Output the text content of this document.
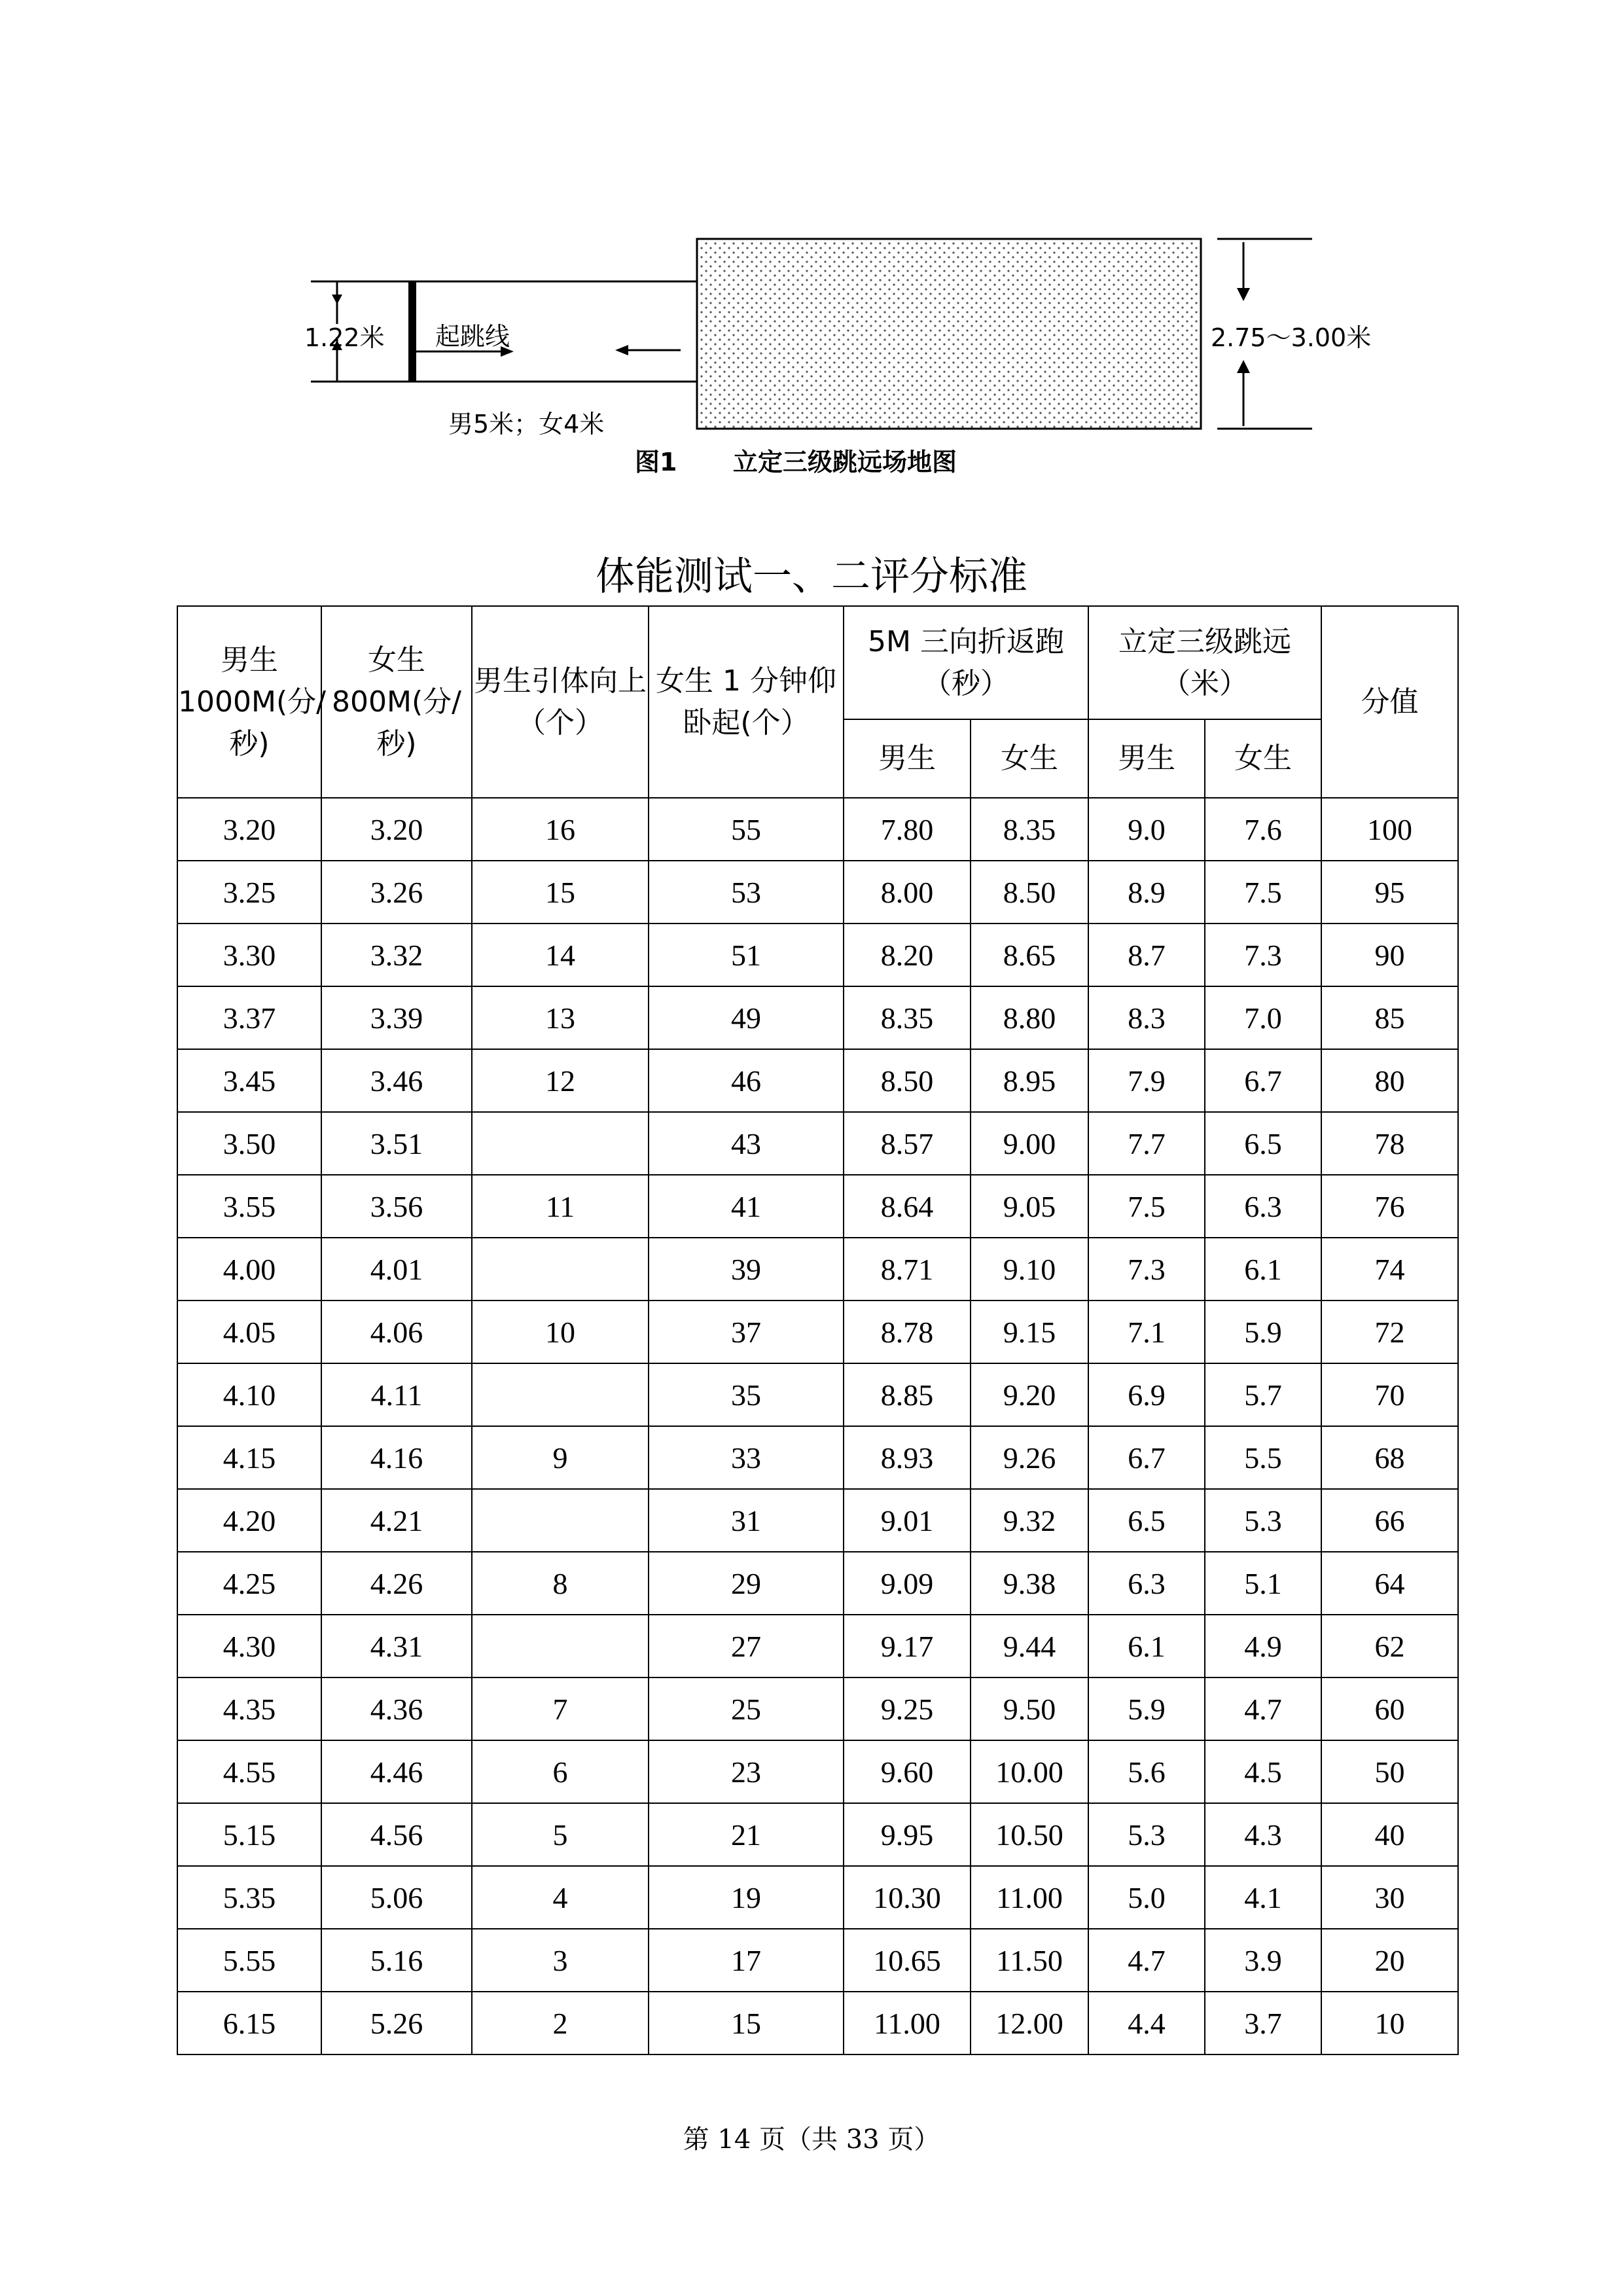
1.22米 起跳线
男5米；女4米
2.75～3.00米
图1 立定三级跳远场地图
体能测试一、二评分标准
男生1000M(分/秒)	女生800M(分/秒)	男生引体向上（个）	女生 1 分钟仰卧起(个）	5M 三向折返跑（秒）		立定三级跳远（米）		分值
				男生	女生	男生	女生	
3.20	3.20	16	55	7.80	8.35	9.0	7.6	100
3.25	3.26	15	53	8.00	8.50	8.9	7.5	95
3.30	3.32	14	51	8.20	8.65	8.7	7.3	90
3.37	3.39	13	49	8.35	8.80	8.3	7.0	85
3.45	3.46	12	46	8.50	8.95	7.9	6.7	80
3.50	3.51		43	8.57	9.00	7.7	6.5	78
3.55	3.56	11	41	8.64	9.05	7.5	6.3	76
4.00	4.01		39	8.71	9.10	7.3	6.1	74
4.05	4.06	10	37	8.78	9.15	7.1	5.9	72
4.10	4.11		35	8.85	9.20	6.9	5.7	70
4.15	4.16	9	33	8.93	9.26	6.7	5.5	68
4.20	4.21		31	9.01	9.32	6.5	5.3	66
4.25	4.26	8	29	9.09	9.38	6.3	5.1	64
4.30	4.31		27	9.17	9.44	6.1	4.9	62
4.35	4.36	7	25	9.25	9.50	5.9	4.7	60
4.55	4.46	6	23	9.60	10.00	5.6	4.5	50
5.15	4.56	5	21	9.95	10.50	5.3	4.3	40
5.35	5.06	4	19	10.30	11.00	5.0	4.1	30
5.55	5.16	3	17	10.65	11.50	4.7	3.9	20
6.15	5.26	2	15	11.00	12.00	4.4	3.7	10
第 14 页（共 33 页）
